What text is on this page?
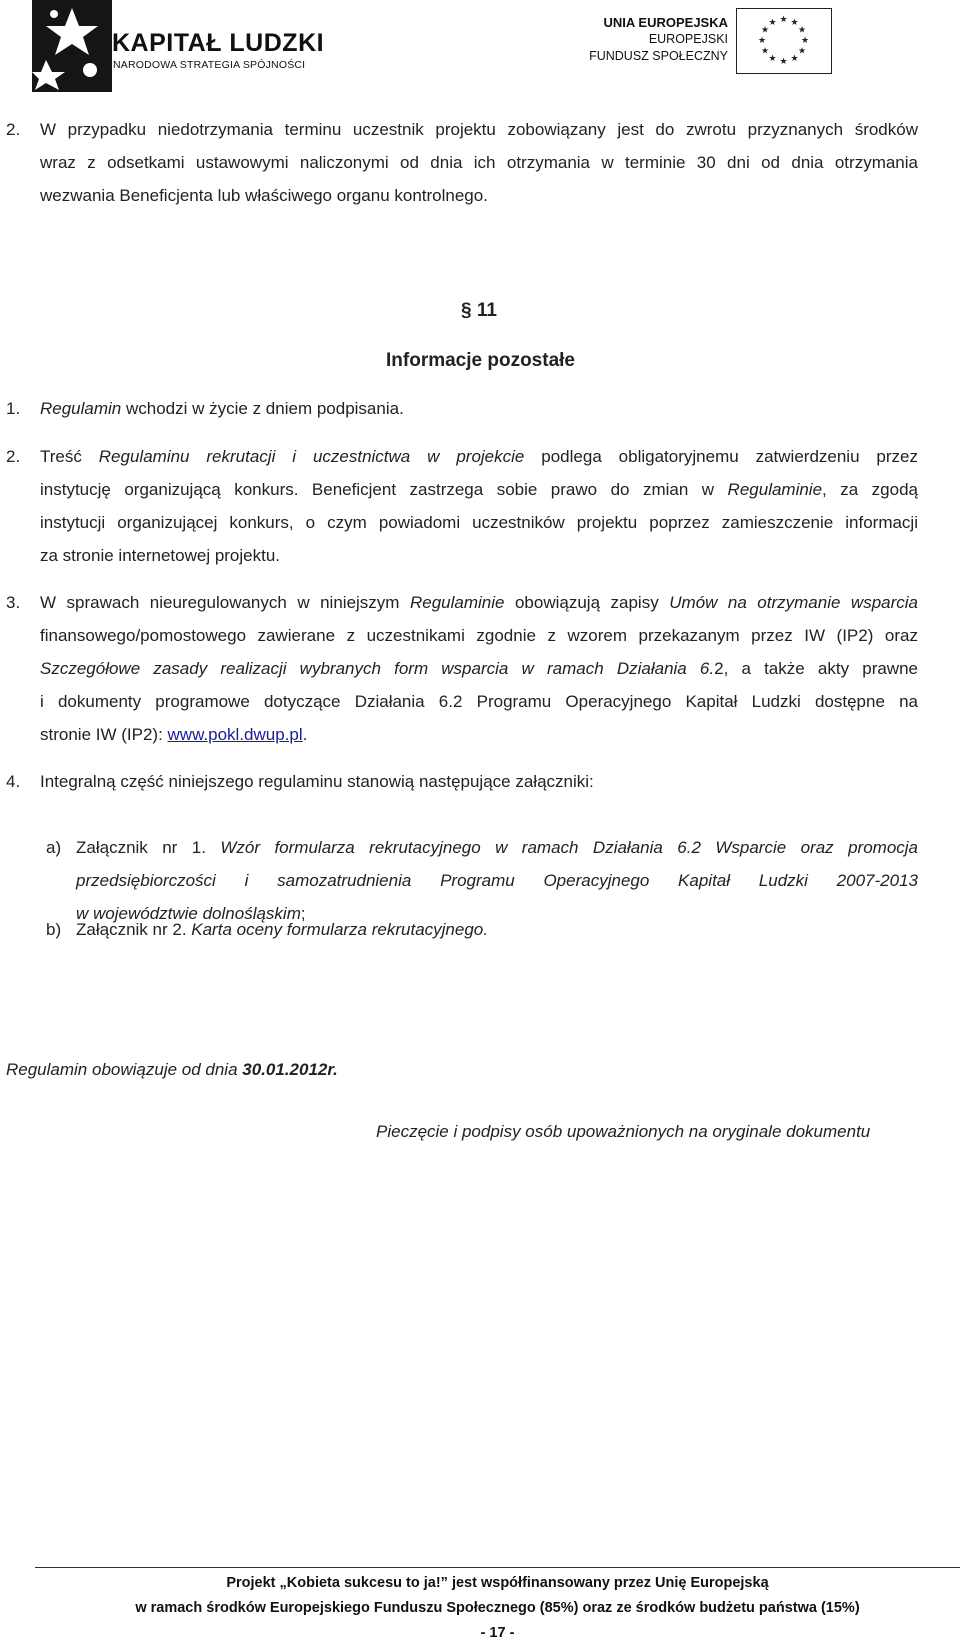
KAPITAŁ LUDZKI
NARODOWA STRATEGIA SPÓJNOŚCI
UNIA EUROPEJSKA
EUROPEJSKI
FUNDUSZ SPOŁECZNY
★ ★
★
★
★
★
★
★
★
★
★
★
2. W przypadku niedotrzymania terminu uczestnik projektu zobowiązany jest do zwrotu przyznanych środków
wraz z odsetkami ustawowymi naliczonymi od dnia ich otrzymania w terminie 30 dni od dnia otrzymania
wezwania Beneficjenta lub właściwego organu kontrolnego.
§ 11
Informacje pozostałe
1. Regulamin wchodzi w życie z dniem podpisania.
2. Treść Regulaminu rekrutacji i uczestnictwa w projekcie podlega obligatoryjnemu zatwierdzeniu przez
instytucję organizującą konkurs. Beneficjent zastrzega sobie prawo do zmian w Regulaminie, za zgodą
instytucji organizującej konkurs, o czym powiadomi uczestników projektu poprzez zamieszczenie informacji
za stronie internetowej projektu.
3. W sprawach nieuregulowanych w niniejszym Regulaminie obowiązują zapisy Umów na otrzymanie wsparcia
finansowego/pomostowego zawierane z uczestnikami zgodnie z wzorem przekazanym przez IW (IP2) oraz
Szczegółowe zasady realizacji wybranych form wsparcia w ramach Działania 6.2, a także akty prawne
i dokumenty programowe dotyczące Działania 6.2 Programu Operacyjnego Kapitał Ludzki dostępne na
stronie IW (IP2): www.pokl.dwup.pl.
4. Integralną część niniejszego regulaminu stanowią następujące załączniki:
a) Załącznik nr 1. Wzór formularza rekrutacyjnego w ramach Działania 6.2 Wsparcie oraz promocja
przedsiębiorczości i samozatrudnienia Programu Operacyjnego Kapitał Ludzki 2007-2013
w województwie dolnośląskim;
b) Załącznik nr 2. Karta oceny formularza rekrutacyjnego.
Regulamin obowiązuje od dnia 30.01.2012r.
Pieczęcie i podpisy osób upoważnionych na oryginale dokumentu
Projekt „Kobieta sukcesu to ja!” jest współfinansowany przez Unię Europejską
w ramach środków Europejskiego Funduszu Społecznego (85%) oraz ze środków budżetu państwa (15%)
- 17 -
